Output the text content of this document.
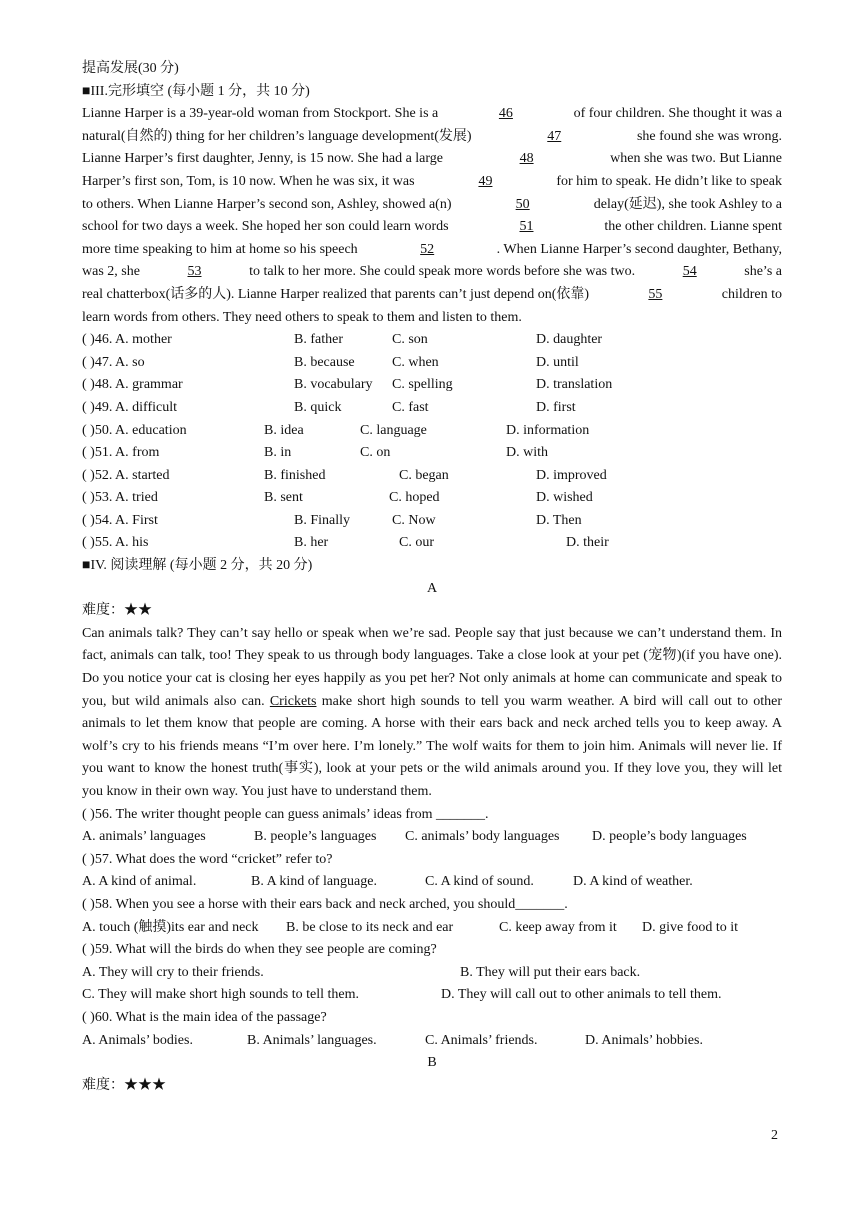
提高发展(30 分)
■III.完形填空 (每小题 1 分，共 10 分)
Lianne Harper is a 39-year-old woman from Stockport. She is a	46	of four children. She thought it was a
natural(自然的) thing for her children’s language development(发展)	47	she found she was wrong.
Lianne Harper’s first daughter, Jenny, is 15 now. She had a large	48	when she was two. But Lianne
Harper’s first son, Tom, is 10 now. When he was six, it was	49	for him to speak. He didn’t like to speak
to others. When Lianne Harper’s second son, Ashley, showed a(n)	50	delay(延迟), she took Ashley to a
school for two days a week. She hoped her son could learn words	51	the other children. Lianne spent
more time speaking to him at home so his speech	52	. When Lianne Harper’s second daughter, Bethany,
was 2, she	53	to talk to her more. She could speak more words before she was two.	54	she’s a
real chatterbox(话多的人). Lianne Harper realized that parents can’t just depend on(依靠)	55	children to
learn words from others. They need others to speak to them and listen to them.
( )46. A. mother	B. father	C. son	D. daughter
( )47. A. so	B. because	C. when	D. until
( )48. A. grammar	B. vocabulary C. spelling	D. translation
( )49. A. difficult	B. quick	C. fast	D. first
( )50. A. education	B. idea	C. language	D. information
( )51. A. from	B. in	C. on	D. with
( )52. A. started	B. finished	C. began	D. improved
( )53. A. tried	B. sent	C. hoped	D. wished
( )54. A. First	B. Finally	C. Now	D. Then
( )55. A. his	B. her	C. our	D. their
■IV. 阅读理解 (每小题 2 分，共 20 分)
A
难度：★★
Can animals talk? They can’t say hello or speak when we’re sad. People say that just because we can’t understand them. In fact, animals can talk, too! They speak to us through body languages. Take a close look at your pet (宠物)(if you have one). Do you notice your cat is closing her eyes happily as you pet her? Not only animals at home can communicate and speak to you, but wild animals also can. Crickets make short high sounds to tell you warm weather. A bird will call out to other animals to let them know that people are coming. A horse with their ears back and neck arched tells you to keep away. A wolf’s cry to his friends means “I’m over here. I’m lonely.” The wolf waits for them to join him. Animals will never lie. If you want to know the honest truth(事实), look at your pets or the wild animals around you. If they love you, they will let you know in their own way. You just have to understand them.
( )56. The writer thought people can guess animals’ ideas from _______.
A. animals’ languages	B. people’s languages C. animals’ body languages D. people’s body languages
( )57. What does the word “cricket” refer to?
A. A kind of animal.	B. A kind of language.	C. A kind of sound.	D. A kind of weather.
( )58. When you see a horse with their ears back and neck arched, you should_______.
A. touch (触摸)its ear and neck B. be close to its neck and ear	C. keep away from it D. give food to it
( )59. What will the birds do when they see people are coming?
A. They will cry to their friends.	B. They will put their ears back.
C. They will make short high sounds to tell them.	D. They will call out to other animals to tell them.
( )60. What is the main idea of the passage?
A. Animals’ bodies.	B. Animals’ languages.	C. Animals’ friends.	D. Animals’ hobbies.
B
难度：★★★
2
